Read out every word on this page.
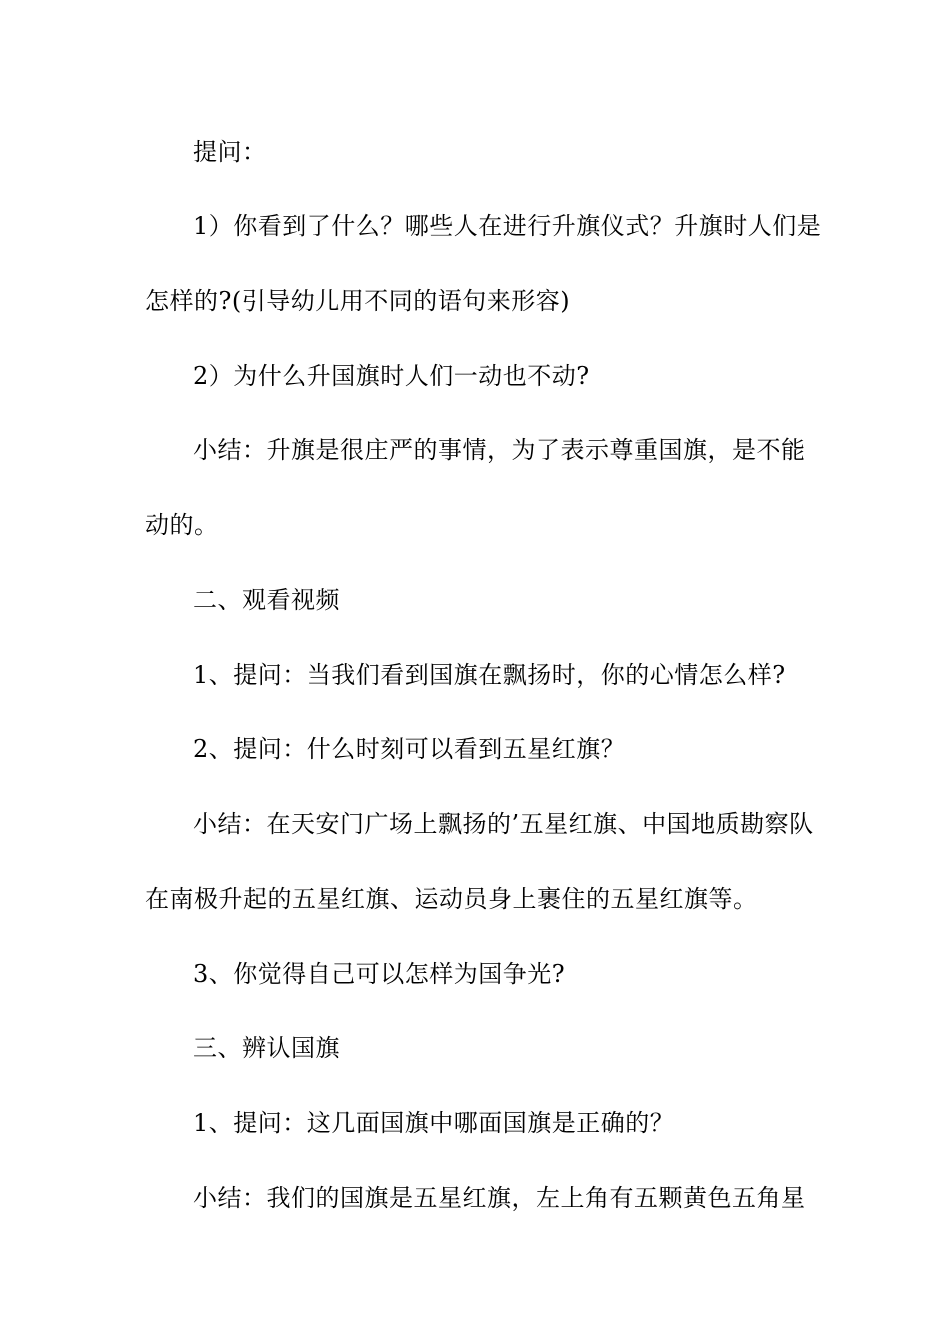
提问：
1）你看到了什么？哪些人在进行升旗仪式？升旗时人们是
怎样的?(引导幼儿用不同的语句来形容)
2）为什么升国旗时人们一动也不动?
小结：升旗是很庄严的事情，为了表示尊重国旗，是不能
动的。
二、观看视频
1、提问：当我们看到国旗在飘扬时，你的心情怎么样?
2、提问：什么时刻可以看到五星红旗？
小结：在天安门广场上飘扬的’五星红旗、中国地质勘察队
在南极升起的五星红旗、运动员身上裹住的五星红旗等。
3、你觉得自己可以怎样为国争光?
三、辨认国旗
1、提问：这几面国旗中哪面国旗是正确的？
小结：我们的国旗是五星红旗，左上角有五颗黄色五角星
